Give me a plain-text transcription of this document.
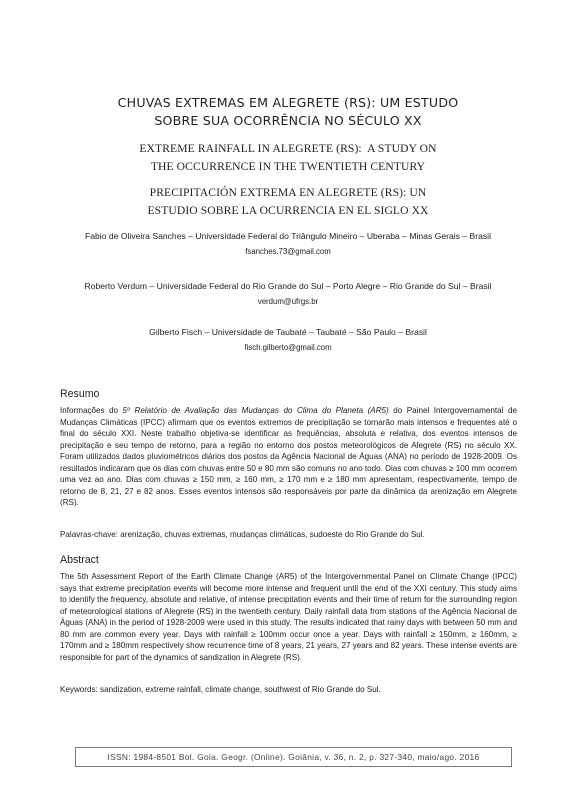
CHUVAS EXTREMAS EM ALEGRETE (RS): UM ESTUDO
SOBRE SUA OCORRÊNCIA NO SÉCULO XX
EXTREME RAINFALL IN ALEGRETE (RS):  A STUDY ON
THE OCCURRENCE IN THE TWENTIETH CENTURY
PRECIPITACIÓN EXTREMA EN ALEGRETE (RS): UN
ESTUDIO SOBRE LA OCURRENCIA EN EL SIGLO XX
Fabio de Oliveira Sanches – Universidade Federal do Triângulo Mineiro – Uberaba – Minas Gerais – Brasil
fsanches.73@gmail.com
Roberto Verdum – Universidade Federal do Rio Grande do Sul – Porto Alegre – Rio Grande do Sul – Brasil
verdum@ufrgs.br
Gilberto Fisch – Universidade de Taubaté – Taubaté – São Paulo – Brasil
fisch.gilberto@gmail.com
Resumo
Informações do 5º Relatório de Avaliação das Mudanças do Clima do Planeta (AR5) do Painel Intergovernamental de Mudanças Climáticas (IPCC) afirmam que os eventos extremos de precipitação se tornarão mais intensos e frequentes até o final do século XXI. Neste trabalho objetiva-se identificar as frequências, absoluta e relativa, dos eventos intensos de precipitação e seu tempo de retorno, para a região no entorno dos postos meteorológicos de Alegrete (RS) no século XX. Foram utilizados dados pluviométricos diários dos postos da Agência Nacional de Águas (ANA) no período de 1928-2009. Os resultados indicaram que os dias com chuvas entre 50 e 80 mm são comuns no ano todo. Dias com chuvas ≥ 100 mm ocorrem uma vez ao ano. Dias com chuvas ≥ 150 mm, ≥ 160 mm, ≥ 170 mm e ≥ 180 mm apresentam, respectivamente, tempo de retorno de 8, 21, 27 e 82 anos. Esses eventos intensos são responsáveis por parte da dinâmica da arenização em Alegrete (RS).
Palavras-chave: arenização, chuvas extremas, mudanças climáticas, sudoeste do Rio Grande do Sul.
Abstract
The 5th Assessment Report of the Earth Climate Change (AR5) of the Intergovernmental Panel on Climate Change (IPCC) says that extreme precipitation events will become more intense and frequent until the end of the XXI century. This study aims to identify the frequency, absolute and relative, of intense precipitation events and their time of return for the surrounding region of meteorological stations of Alegrete (RS) in the twentieth century. Daily rainfall data from stations of the Agência Nacional de Águas (ANA) in the period of 1928-2009 were used in this study. The results indicated that rainy days with between 50 mm and 80 mm are common every year. Days with rainfall ≥ 100mm occur once a year. Days with rainfall ≥ 150mm, ≥ 160mm, ≥ 170mm and ≥ 180mm respectively show recurrence time of 8 years, 21 years, 27 years and 82 years. These intense events are responsible for part of the dynamics of sandization in Alegrete (RS).
Keywords: sandization, extreme rainfall, climate change, southwest of Rio Grande do Sul.
ISSN: 1984-8501 Bol. Goia. Geogr. (Online). Goiânia, v. 36, n. 2, p. 327-340, maio/ago. 2016
